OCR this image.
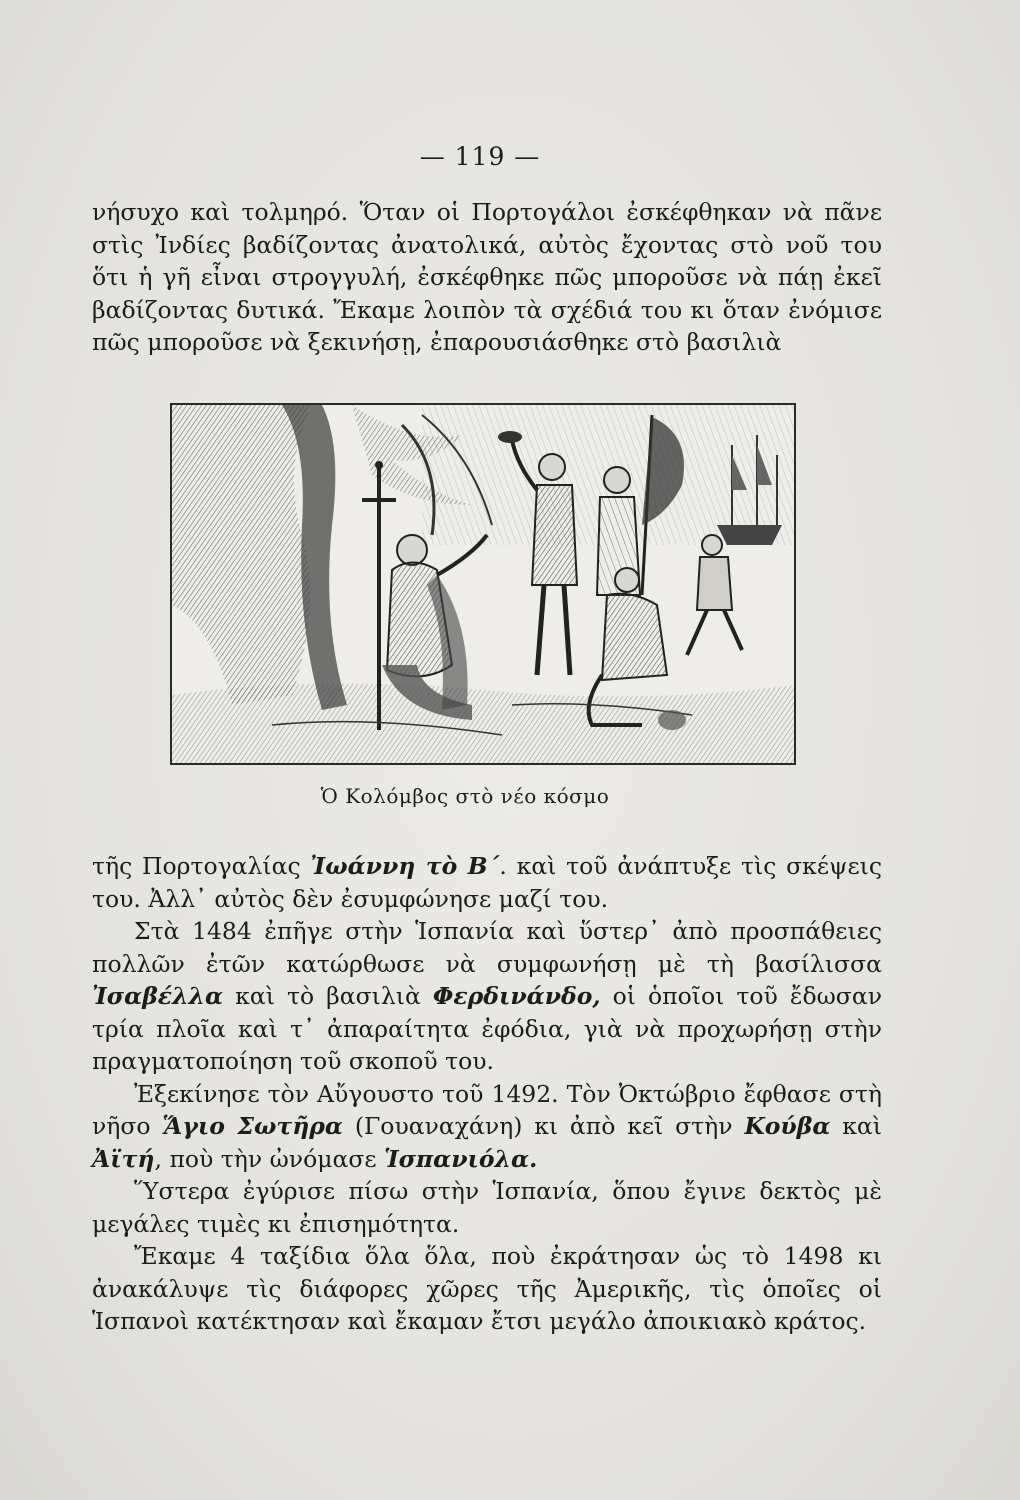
— 119 —

νήσυχο καὶ τολμηρό. Ὅταν οἱ Πορτογάλοι ἐσκέφθηκαν νὰ πᾶνε στὶς Ἰνδίες βαδίζοντας ἀνατολικά, αὐτὸς ἔχοντας στὸ νοῦ του ὅτι ἡ γῆ εἶναι στρογγυλή, ἐσκέφθηκε πῶς μποροῦσε νὰ πάῃ ἐκεῖ βαδίζοντας δυτικά. Ἔκαμε λοιπὸν τὰ σχέδιά του κι ὅταν ἐνόμισε πῶς μποροῦσε νὰ ξεκινήσῃ, ἐπαρουσιάσθηκε στὸ βασιλιὰ

Ὁ Κολόμβος στὸ νέο κόσμο

τῆς Πορτογαλίας Ἰωάννη τὸ Β΄. καὶ τοῦ ἀνάπτυξε τὶς σκέψεις του. Ἀλλ᾿ αὐτὸς δὲν ἐσυμφώνησε μαζί του.

Στὰ 1484 ἐπῆγε στὴν Ἱσπανία καὶ ὕστερ᾿ ἀπὸ προσπάθειες πολλῶν ἐτῶν κατώρθωσε νὰ συμφωνήσῃ μὲ τὴ βασίλισσα Ἰσαβέλλα καὶ τὸ βασιλιὰ Φερδινάνδο, οἱ ὁποῖοι τοῦ ἔδωσαν τρία πλοῖα καὶ τ᾿ ἀπαραίτητα ἐφόδια, γιὰ νὰ προχωρήσῃ στὴν πραγματοποίηση τοῦ σκοποῦ του.

Ἐξεκίνησε τὸν Αὔγουστο τοῦ 1492. Τὸν Ὀκτώβριο ἔφθασε στὴ νῆσο Ἅγιο Σωτῆρα (Γουαναχάνη) κι ἀπὸ κεῖ στὴν Κούβα καὶ Ἀϊτή, ποὺ τὴν ὠνόμασε Ἱσπανιόλα.

Ὕστερα ἐγύρισε πίσω στὴν Ἱσπανία, ὅπου ἔγινε δεκτὸς μὲ μεγάλες τιμὲς κι ἐπισημότητα.

Ἔκαμε 4 ταξίδια ὅλα ὅλα, ποὺ ἐκράτησαν ὡς τὸ 1498 κι ἀνακάλυψε τὶς διάφορες χῶρες τῆς Ἀμερικῆς, τὶς ὁποῖες οἱ Ἱσπανοὶ κατέκτησαν καὶ ἔκαμαν ἔτσι μεγάλο ἀποικιακὸ κράτος.
